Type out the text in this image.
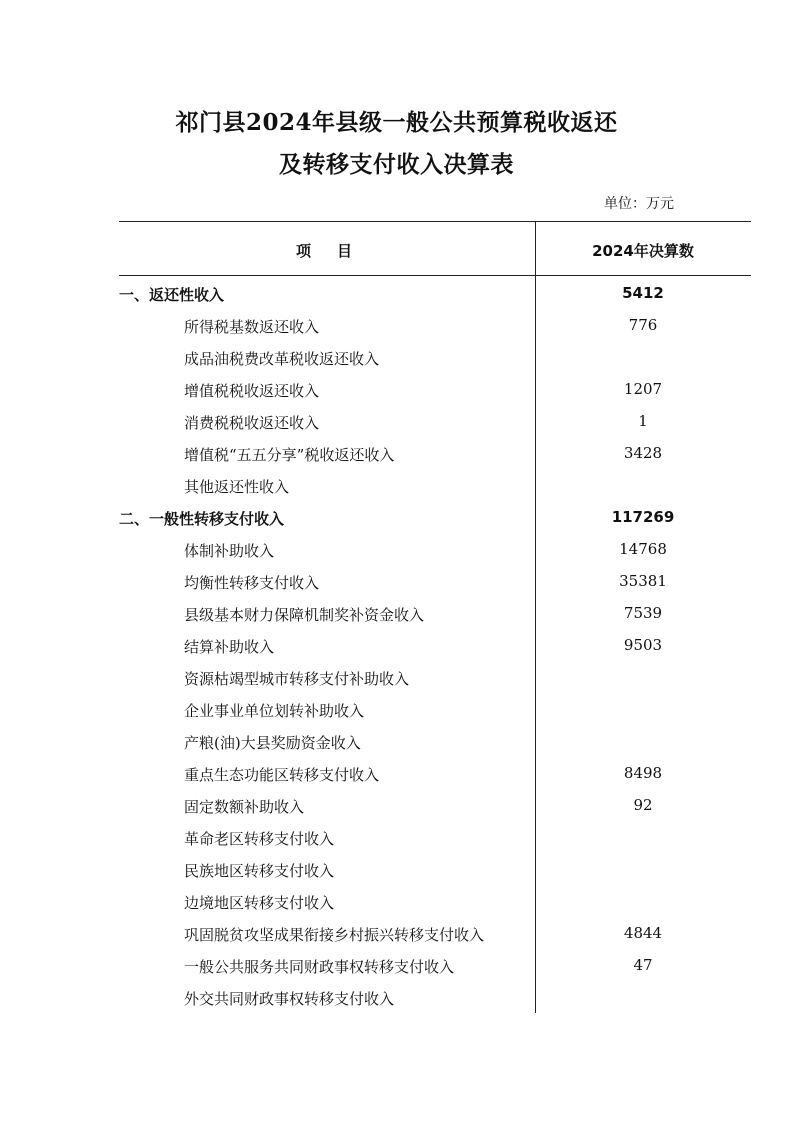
祁门县2024年县级一般公共预算税收返还
及转移支付收入决算表
单位：万元
项目	2024年决算数
一、返还性收入	5412
所得税基数返还收入	776
成品油税费改革税收返还收入
增值税税收返还收入	1207
消费税税收返还收入	1
增值税“五五分享”税收返还收入	3428
其他返还性收入
二、一般性转移支付收入	117269
体制补助收入	14768
均衡性转移支付收入	35381
县级基本财力保障机制奖补资金收入	7539
结算补助收入	9503
资源枯竭型城市转移支付补助收入
企业事业单位划转补助收入
产粮(油)大县奖励资金收入
重点生态功能区转移支付收入	8498
固定数额补助收入	92
革命老区转移支付收入
民族地区转移支付收入
边境地区转移支付收入
巩固脱贫攻坚成果衔接乡村振兴转移支付收入	4844
一般公共服务共同财政事权转移支付收入	47
外交共同财政事权转移支付收入
